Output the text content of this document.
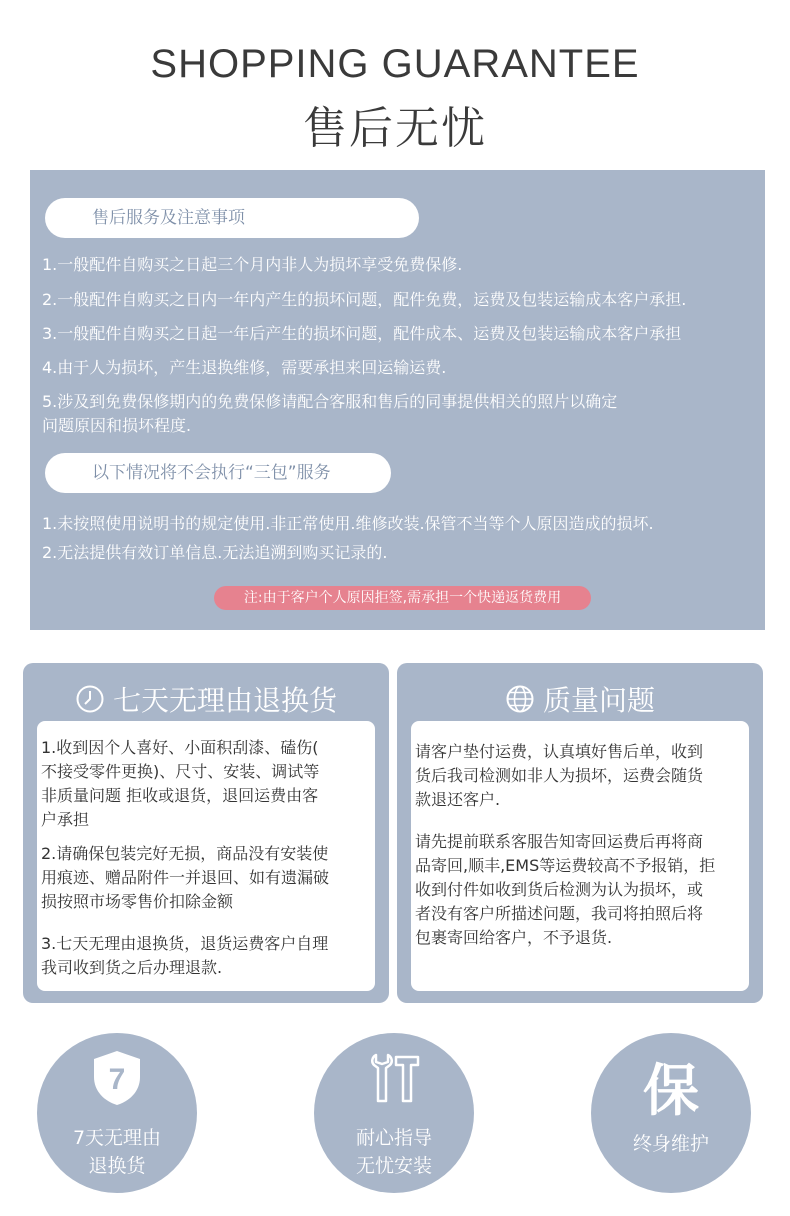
SHOPPING GUARANTEE
售后无忧
售后服务及注意事项
1.一般配件自购买之日起三个月内非人为损坏享受免费保修.
2.一般配件自购买之日内一年内产生的损坏问题，配件免费，运费及包装运输成本客户承担.
3.一般配件自购买之日起一年后产生的损坏问题，配件成本、运费及包装运输成本客户承担
4.由于人为损坏，产生退换维修，需要承担来回运输运费.
5.涉及到免费保修期内的免费保修请配合客服和售后的同事提供相关的照片以确定
问题原因和损坏程度.
以下情况将不会执行“三包”服务
1.未按照使用说明书的规定使用.非正常使用.维修改装.保管不当等个人原因造成的损坏.
2.无法提供有效订单信息.无法追溯到购买记录的.
注:由于客户个人原因拒签,需承担一个快递返货费用
七天无理由退换货
1.收到因个人喜好、小面积刮漆、磕伤(
不接受零件更换)、尺寸、安装、调试等
非质量问题 拒收或退货，退回运费由客
户承担
2.请确保包装完好无损，商品没有安装使
用痕迹、赠品附件一并退回、如有遗漏破
损按照市场零售价扣除金额
3.七天无理由退换货，退货运费客户自理
我司收到货之后办理退款.
质量问题
请客户垫付运费，认真填好售后单，收到
货后我司检测如非人为损坏，运费会随货
款退还客户.
请先提前联系客服告知寄回运费后再将商
品寄回,顺丰,EMS等运费较高不予报销，拒
收到付件如收到货后检测为认为损坏，或
者没有客户所描述问题，我司将拍照后将
包裹寄回给客户，不予退货.
7
7天无理由
退换货
耐心指导
无忧安装
保
终身维护
